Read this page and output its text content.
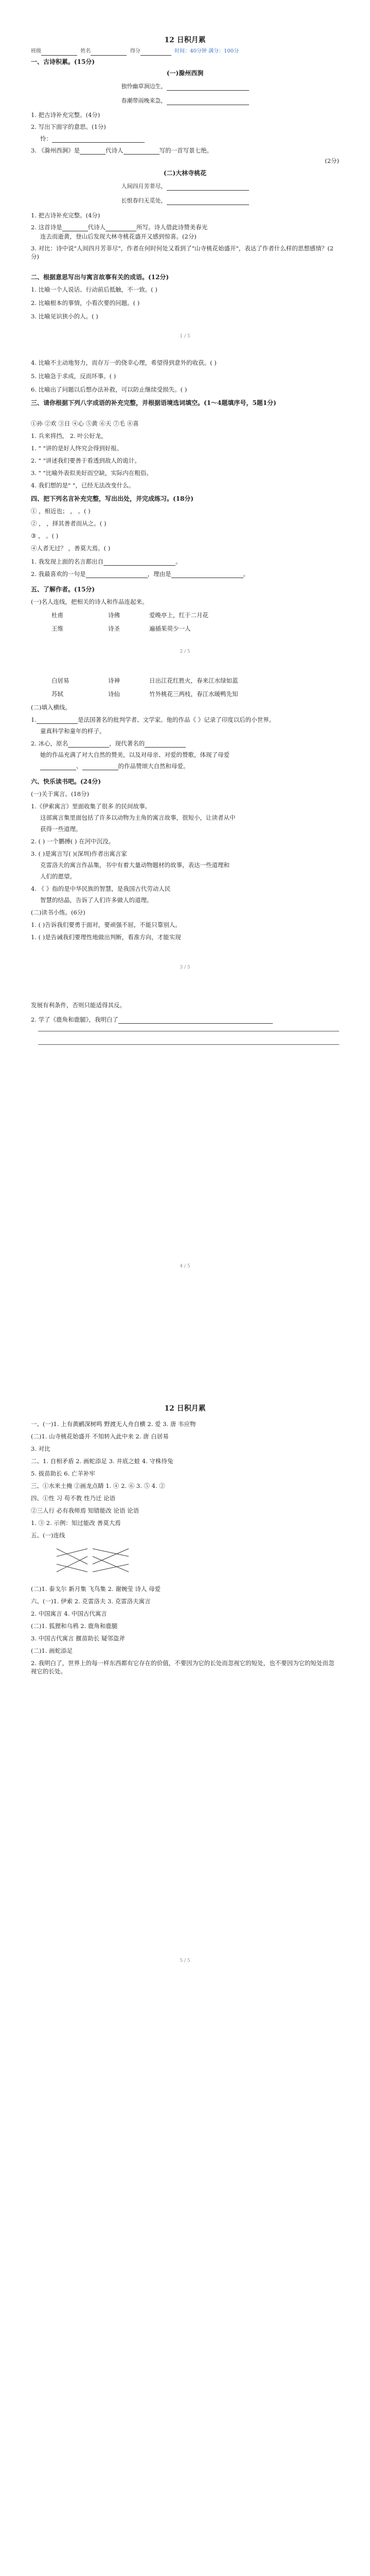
12 日积月累
班级	姓名	得分	时间：40分钟 满分：100分
一、古诗积累。(15分)
(一)滁州西涧
独怜幽草涧边生，
春潮带雨晚来急，
1. 把古诗补充完整。(4分)
2. 写出下面字的意思。(1分)
怜：
3. 《滁州西涧》是	代诗人	写的一首写景七绝。
(2分)
(二)大林寺桃花
人间四月芳菲尽，
长恨春归无觅处，
1. 把古诗补充完整。(4分)
2. 这首诗是	代诗人	所写。诗人借此诗赞美春光
连去而逝黄，登山后发现大林寺桃花盛开又感到惊喜。(2分)
3. 对比：诗中说"人间四月芳菲尽"，作者在何时何处又看到了"山寺桃花始盛开"，表达了作者什么样的思想感情？(2分)
二、根据意思写出与寓言故事有关的成语。(12分)
1. 比喻一个人说话、行动前后抵触，不一致。( )
2. 比喻根本的事情，小看次要的问题。( )
3. 比喻见识狭小的人。( )
1 / 5
4. 比喻不主动地努力，而存万一的侥幸心理，希望得到意外的收获。( )
5. 比喻急于求成，反而坏事。( )
6. 比喻出了问题以后想办法补救，可以防止继续受损失。( )
三、请你根据下列八字成语的补充完整，并根据语境选词填空。(1～4题填序号，5题1分)
①孙 ②欢 ③日 ④心 ⑤黄 ⑥天 ⑦毛 ⑧喜
1. 兵来将挡， 2. 叶公好龙，
1. " "讲的是好人终究会得到好报。
2. " "讲述我们要善于看透到敌人的诡计。
3. " "比喻外表似美好而空缺，实际内在粗俗。
4. 我们想的是" "，已经无法改变什么。
四、把下列名言补充完整，写出出处，并完成练习。(18分)
① ，相近也； ， 。( )
② ， ，择其善者而从之。( )
③ ， 。( )
④人者无过？ ，善莫大焉。( )
1. 我发现上面的名言都出自	。
2. 我最喜欢的一句是	，理由是	。
五、了解作者。(15分)
(一)名人连线，把相关的诗人和作品连起来。
杜甫	诗佛	爱晚亭上，红于二月花
王维	诗圣	遍插茱萸少一人
2 / 5
白居易	诗神	日出江花红胜火，春来江水绿如蓝
苏轼	诗仙	竹外桃花三两枝，春江水暖鸭先知
(二)填入横线。
1.	是法国著名的批判学者、文学家。他的作品《 》记录了印度以后的小世界。
童真科学和童年的样子。
2. 冰心，原名	，现代著名的
她的作品充满了对大自然的赞美，以及对母亲、对爱的赞歌，体现了母爱
、	的作品赞颂大自然和母爱。
六、快乐读书吧。(24分)
(一)关于寓言。(18分)
1.《伊索寓言》里面收集了很多 的民间故事。
这部寓言集里面包括了许多以动物为主角的寓言故事，很短小，让读者从中
获得一些道理。
2. ( ) 一个鹏搏( ) 在河中沉没。
3. ( )是寓言写( )(深圳)作者出寓言家
克雷洛夫的寓言作品集，书中有着大量动物题材的故事，表达一些道理和
人们的愿望。
4. 《 》指的是中华民族的智慧，是我国古代劳动人民
智慧的结晶，告诉了人们许多做人的道理。
(二)读书小练。(6分)
1. ( )告诉我们要勇于面对，要顽强不屈，不能只靠别人。
1. ( )是告诫我们要理性地做出判断，看准方向，才能实现
3 / 5
发展有利条件，否则只能适得其反。
2. 学了《鹿角和鹿腿》，我明白了
4 / 5
12 日积月累
一、(一)1. 上有黄鹂深树鸣 野渡无人舟自横 2. 爱 3. 唐 韦应物
(二)1. 山寺桃花始盛开 不知转入此中来 2. 唐 白居易
3. 对比
二、1. 自相矛盾 2. 画蛇添足 3. 井底之蛙 4. 守株待兔
5. 拔苗助长 6. 亡羊补牢
三、①水来土掩 ②画龙点睛 1. ④ 2. ⑥ 3. ⑤ 4. ②
四、①性 习 苟不教 性乃迁 论语
②三人行 必有我师焉 知错能改 论语 论语
1. ③ 2. 示例：知过能改 善莫大焉
五、(一)连线
(二)1. 泰戈尔 新月集 飞鸟集 2. 谢婉莹 诗人 母爱
六、(一)1. 伊索 2. 克雷洛夫 3. 克雷洛夫寓言
2. 中国寓言 4. 中国古代寓言
(二)1. 狐狸和乌鸦 2. 鹿角和鹿腿
3. 中国古代寓言 揠苗助长 疑邻盗斧
(二)1. 画蛇添足
2. 我明白了，世界上的每一样东西都有它存在的价值，不要因为它的长处而忽视它的短处，也不要因为它的短处而忽视它的长处。
5 / 5
